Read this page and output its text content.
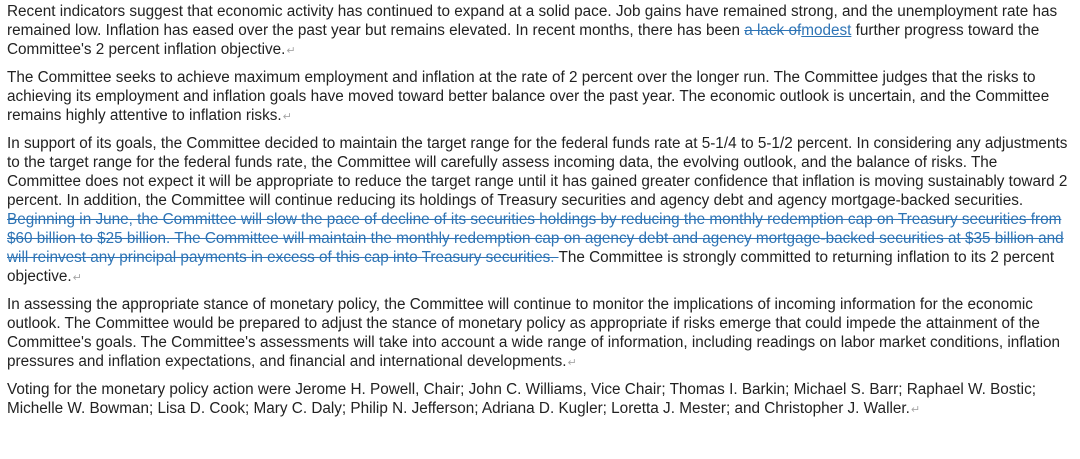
Recent indicators suggest that economic activity has continued to expand at a solid pace. Job gains have remained strong, and the unemployment rate has remained low. Inflation has eased over the past year but remains elevated. In recent months, there has been a lack ofmodest further progress toward the Committee's 2 percent inflation objective.↵

The Committee seeks to achieve maximum employment and inflation at the rate of 2 percent over the longer run. The Committee judges that the risks to achieving its employment and inflation goals have moved toward better balance over the past year. The economic outlook is uncertain, and the Committee remains highly attentive to inflation risks.↵

In support of its goals, the Committee decided to maintain the target range for the federal funds rate at 5-1/4 to 5-1/2 percent. In considering any adjustments to the target range for the federal funds rate, the Committee will carefully assess incoming data, the evolving outlook, and the balance of risks. The Committee does not expect it will be appropriate to reduce the target range until it has gained greater confidence that inflation is moving sustainably toward 2 percent. In addition, the Committee will continue reducing its holdings of Treasury securities and agency debt and agency mortgage-backed securities. Beginning in June, the Committee will slow the pace of decline of its securities holdings by reducing the monthly redemption cap on Treasury securities from $60 billion to $25 billion. The Committee will maintain the monthly redemption cap on agency debt and agency mortgage-backed securities at $35 billion and will reinvest any principal payments in excess of this cap into Treasury securities. The Committee is strongly committed to returning inflation to its 2 percent objective.↵

In assessing the appropriate stance of monetary policy, the Committee will continue to monitor the implications of incoming information for the economic outlook. The Committee would be prepared to adjust the stance of monetary policy as appropriate if risks emerge that could impede the attainment of the Committee's goals. The Committee's assessments will take into account a wide range of information, including readings on labor market conditions, inflation pressures and inflation expectations, and financial and international developments.↵

Voting for the monetary policy action were Jerome H. Powell, Chair; John C. Williams, Vice Chair; Thomas I. Barkin; Michael S. Barr; Raphael W. Bostic; Michelle W. Bowman; Lisa D. Cook; Mary C. Daly; Philip N. Jefferson; Adriana D. Kugler; Loretta J. Mester; and Christopher J. Waller.↵
